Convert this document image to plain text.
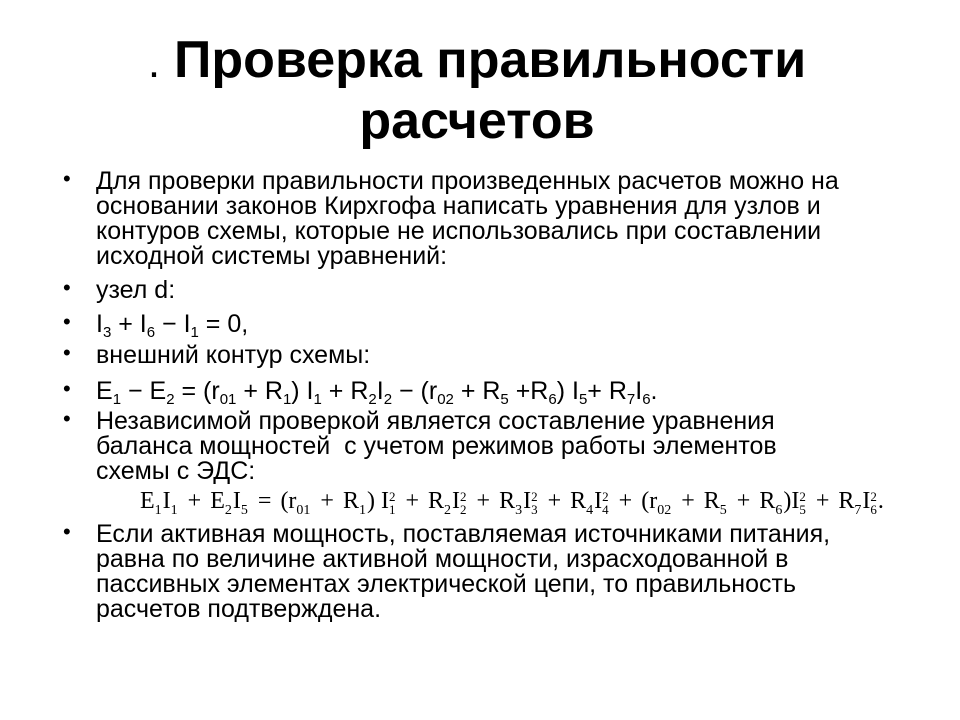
. Проверка правильности
расчетов
• Для проверки правильности произведенных расчетов можно на
основании законов Кирхгофа написать уравнения для узлов и
контуров схемы, которые не использовались при составлении
исходной системы уравнений:
• узел d:
• $I_3 + I_6 - I_1 = 0$,
• внешний контур схемы:
• $E_1 - E_2 = (r_{01} + R_1) I_1 + R_2I_2 - (r_{02} + R_5 +R_6)$ $I_5+ R_7I_6$.
• Независимой проверкой является составление уравнения
баланса мощностей  с учетом режимов работы элементов
схемы с ЭДС:
$E_1I_1 + E_2I_5 = (r_{01} + R_1)$ I 2
$1 + R_2I$ 2
$2 + R_3I$ 2
$3 + R_4I$ 2
$4 + (r_{02} + R_5 + R_6)I$ 2
$5 + R_7I$ 2
6 .
• Если активная мощность, поставляемая источниками питания,
равна по величине активной мощности, израсходованной в
пассивных элементах электрической цепи, то правильность
расчетов подтверждена.
